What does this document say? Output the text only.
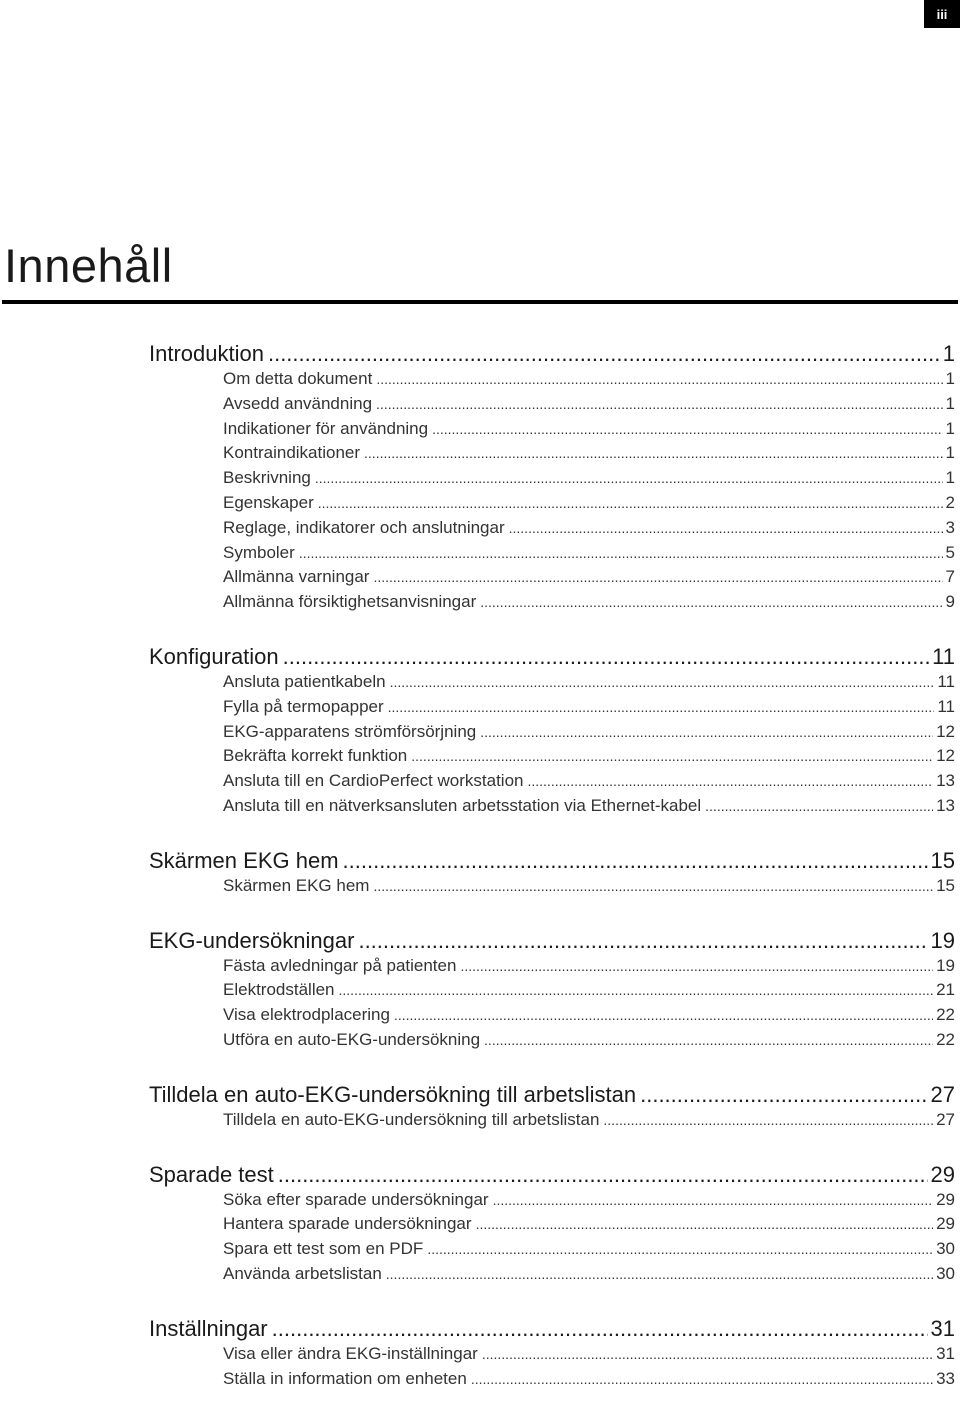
iii
Innehåll
Introduktion .....	1
Om detta dokument .....	1
Avsedd användning .....	1
Indikationer för användning .....	1
Kontraindikationer .....	1
Beskrivning .....	1
Egenskaper .....	2
Reglage, indikatorer och anslutningar .....	3
Symboler .....	5
Allmänna varningar .....	7
Allmänna försiktighetsanvisningar .....	9
Konfiguration .....	11
Ansluta patientkabeln .....	11
Fylla på termopapper .....	11
EKG-apparatens strömförsörjning .....	12
Bekräfta korrekt funktion .....	12
Ansluta till en CardioPerfect workstation .....	13
Ansluta till en nätverksansluten arbetsstation via Ethernet-kabel .....	13
Skärmen EKG hem .....	15
Skärmen EKG hem .....	15
EKG-undersökningar .....	19
Fästa avledningar på patienten .....	19
Elektrodställen .....	21
Visa elektrodplacering .....	22
Utföra en auto-EKG-undersökning .....	22
Tilldela en auto-EKG-undersökning till arbetslistan .....	27
Tilldela en auto-EKG-undersökning till arbetslistan .....	27
Sparade test .....	29
Söka efter sparade undersökningar .....	29
Hantera sparade undersökningar .....	29
Spara ett test som en PDF .....	30
Använda arbetslistan .....	30
Inställningar .....	31
Visa eller ändra EKG-inställningar .....	31
Ställa in information om enheten .....	33
